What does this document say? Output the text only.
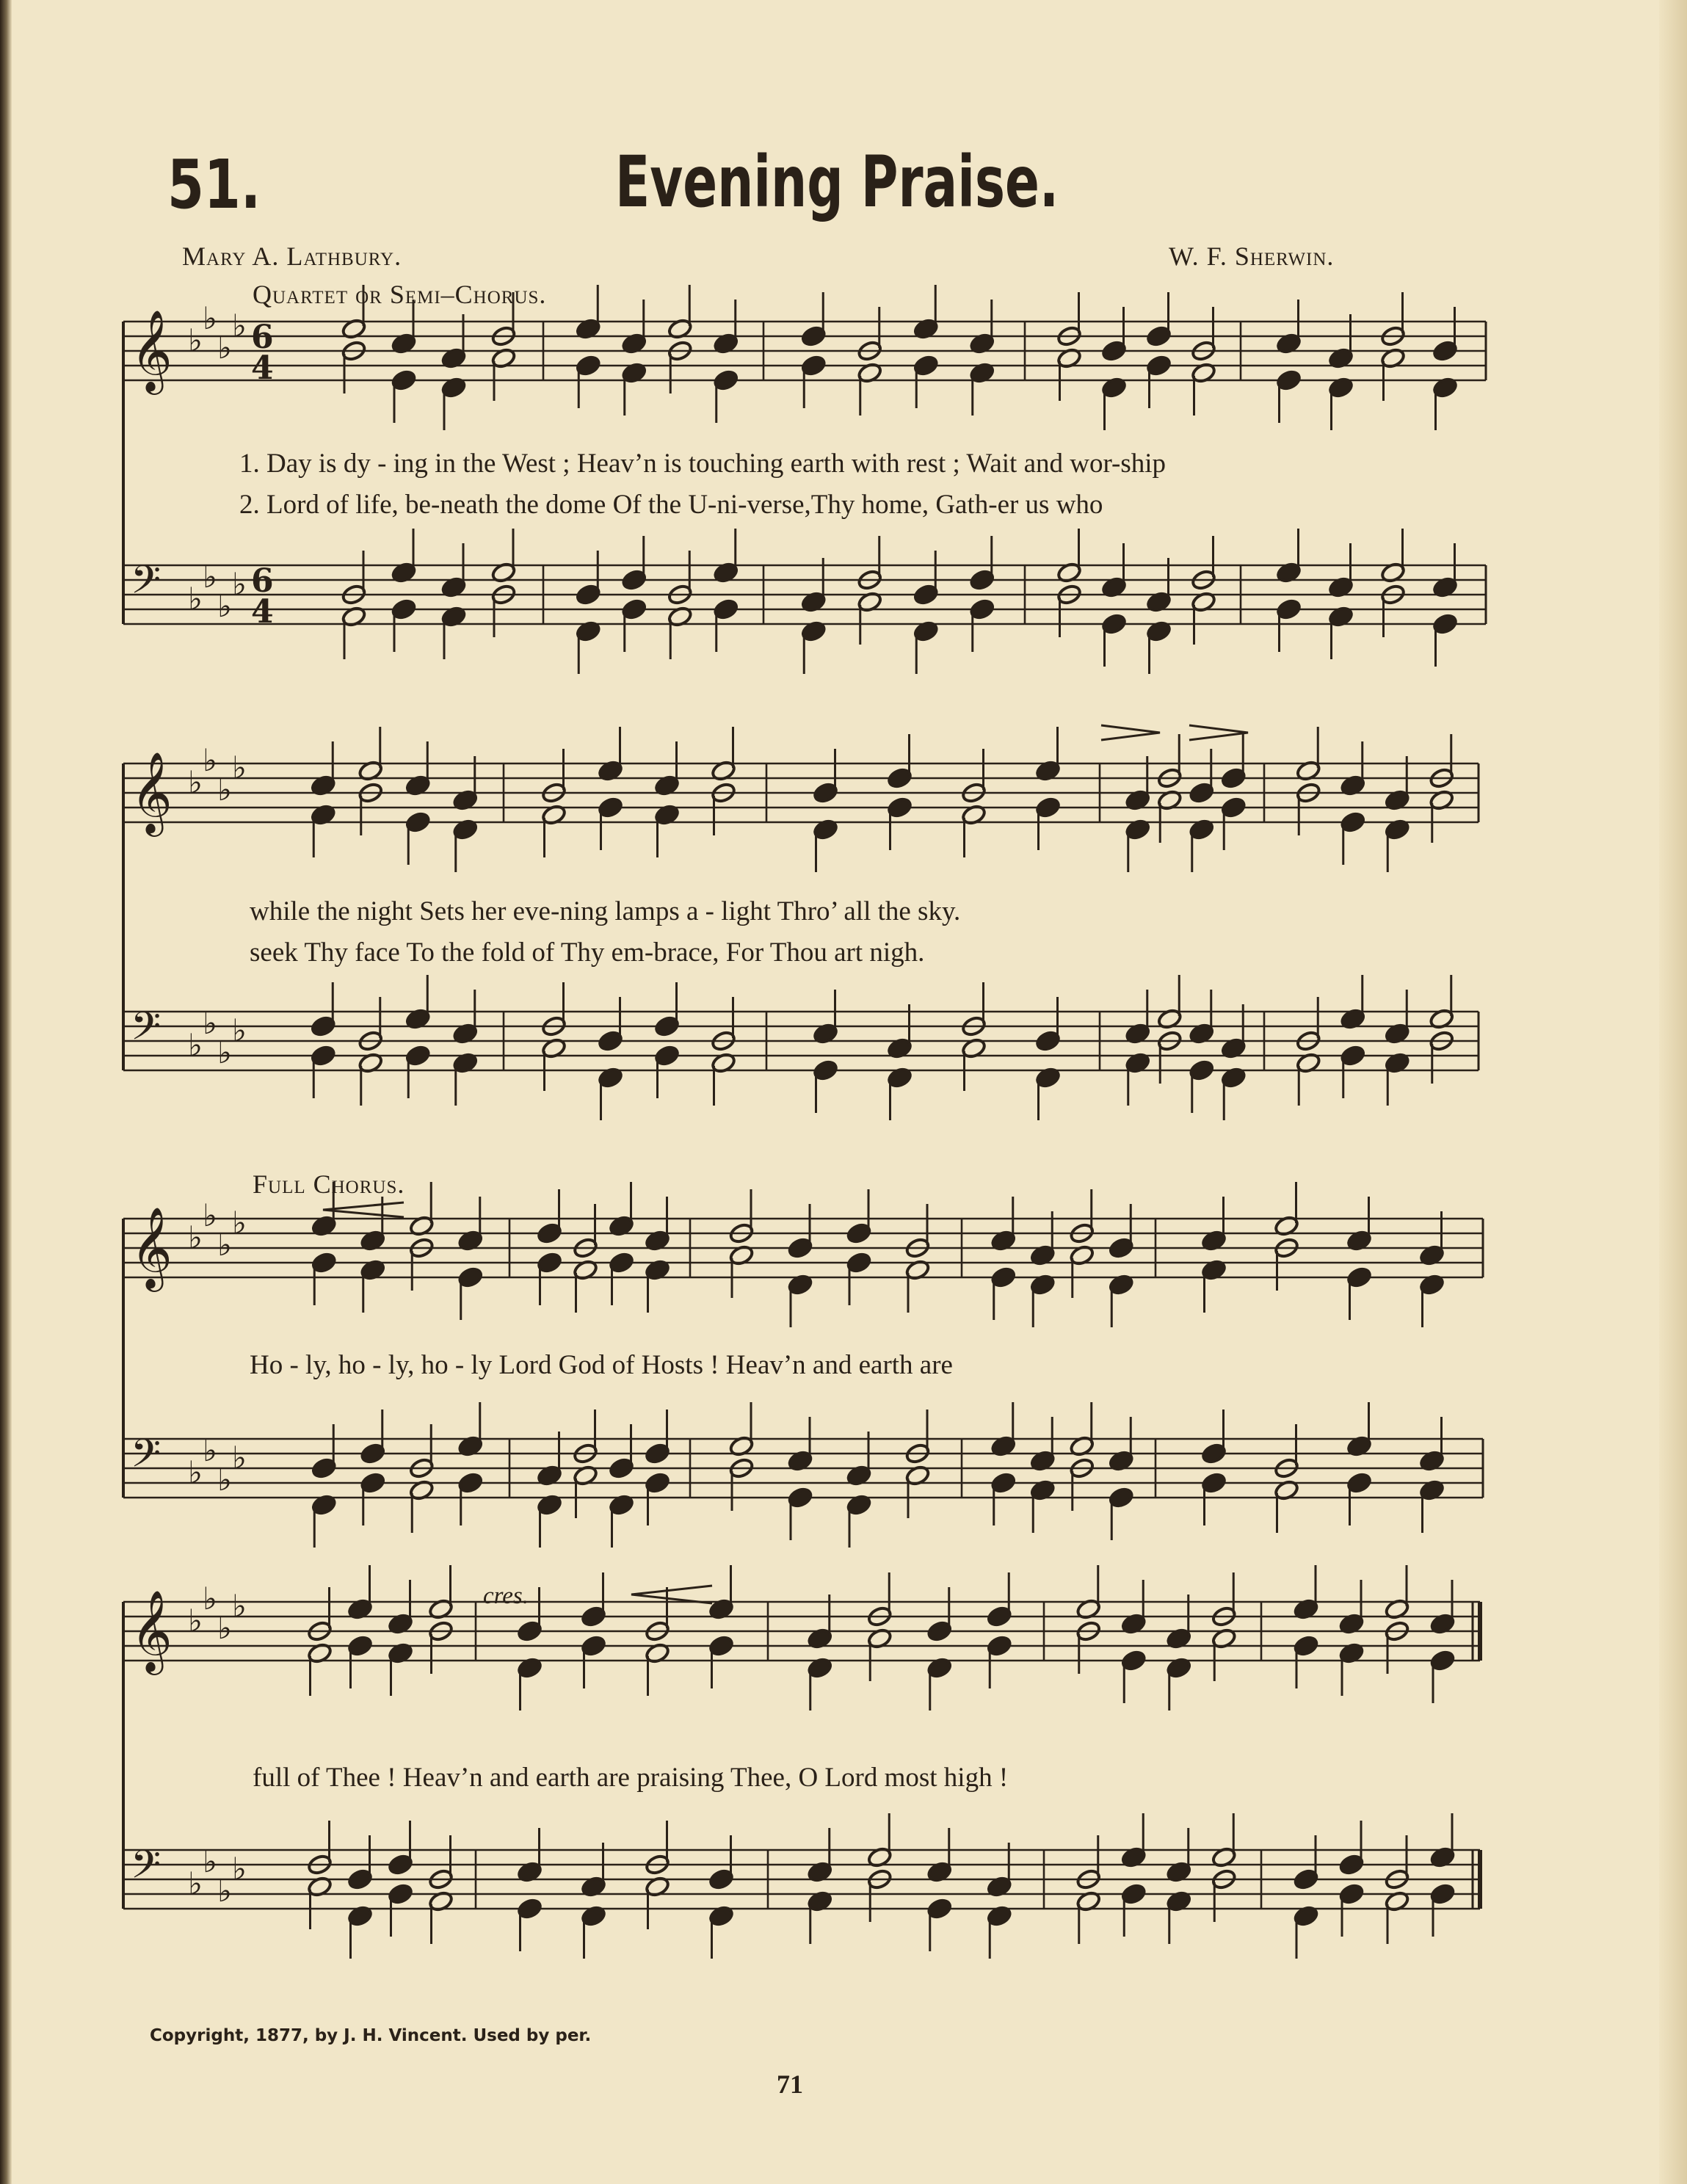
𝄞 ♭
♭
♭
♭ 6
4
𝄢 ♭
♭
♭
♭ 6
4
𝄞 ♭
♭
♭
♭
𝄢 ♭
♭
♭
♭
𝄞 ♭
♭
♭
♭
𝄢 ♭
♭
♭
♭
𝄞 ♭
♭
♭
♭
𝄢 ♭
♭
♭
♭
51.	Evening Praise.
Mary A. Lathbury.	W. F. Sherwin.
Quartet or Semi–Chorus.
1. Day is dy - ing in the West ; Heav’n is touching earth with rest ; Wait and wor-ship
2. Lord of life, be-neath the dome Of the U-ni-verse,Thy home, Gath-er us who
while the night Sets her eve-ning lamps a - light Thro’ all the sky.
seek Thy face To the fold of Thy em-brace, For Thou art nigh.
Full Chorus.
Ho - ly, ho - ly, ho - ly Lord God of Hosts ! Heav’n and earth are
cres.
full of Thee ! Heav’n and earth are praising Thee, O Lord most high !
Copyright, 1877, by J. H. Vincent. Used by per.
71
